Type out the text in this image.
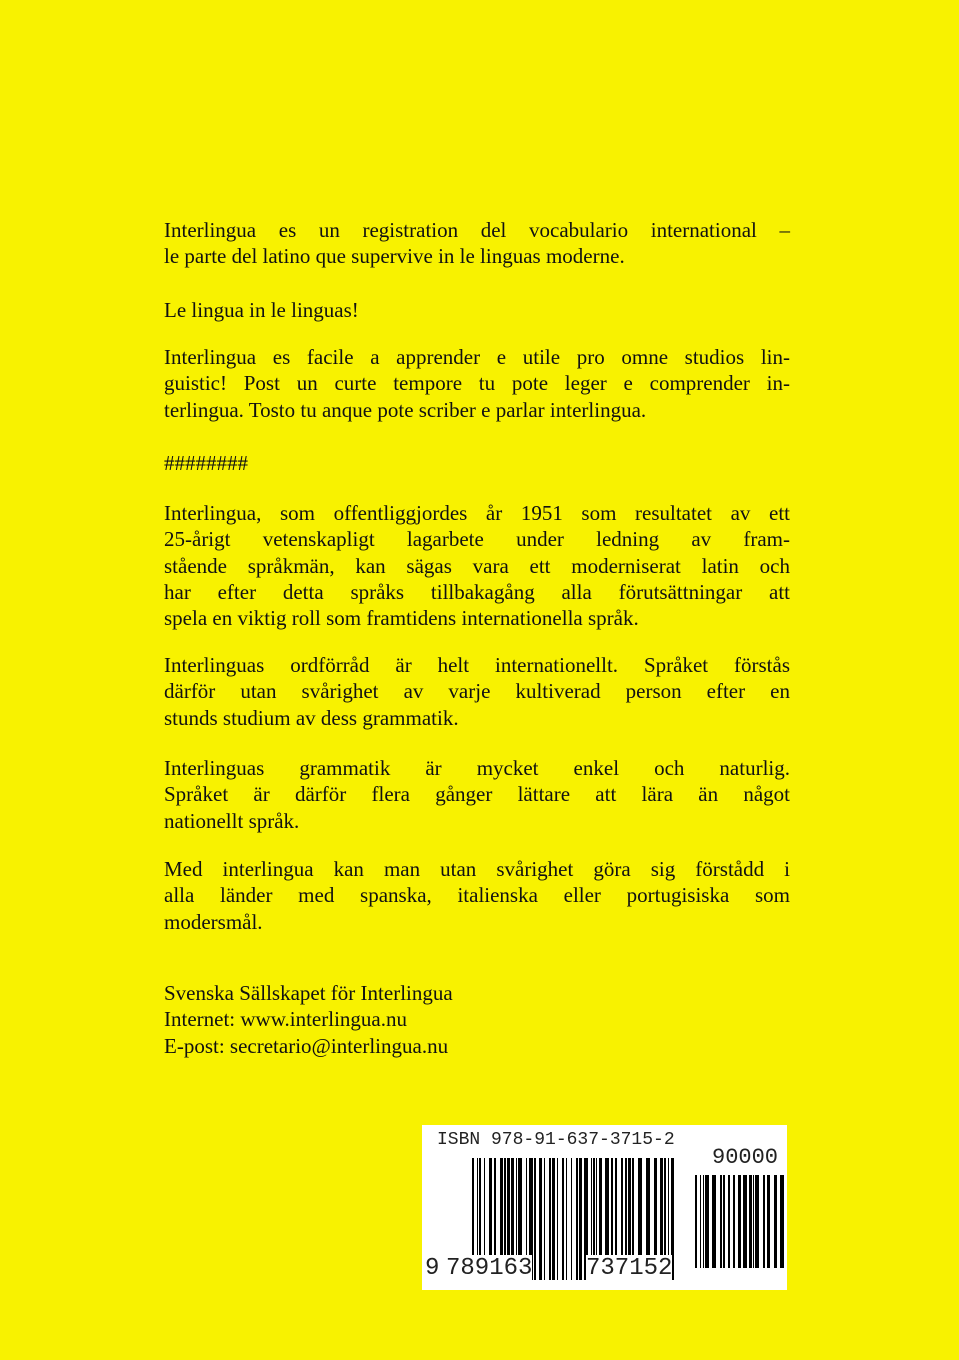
Interlingua es un registration del vocabulario international –
le parte del latino que supervive in le linguas moderne.
Le lingua in le linguas!
Interlingua es facile a apprender e utile pro omne studios lin-
guistic! Post un curte tempore tu pote leger e comprender in-
terlingua. Tosto tu anque pote scriber e parlar interlingua.
########
Interlingua, som offentliggjordes år 1951 som resultatet av ett
25-årigt vetenskapligt lagarbete under ledning av fram-
stående språkmän, kan sägas vara ett moderniserat latin och
har efter detta språks tillbakagång alla förutsättningar att
spela en viktig roll som framtidens internationella språk.
Interlinguas ordförråd är helt internationellt. Språket förstås
därför utan svårighet av varje kultiverad person efter en
stunds studium av dess grammatik.
Interlinguas grammatik är mycket enkel och naturlig.
Språket är därför flera gånger lättare att lära än något
nationellt språk.
Med interlingua kan man utan svårighet göra sig förstådd i
alla länder med spanska, italienska eller portugisiska som
modersmål.
Svenska Sällskapet för Interlingua
Internet: www.interlingua.nu
E-post: secretario@interlingua.nu
ISBN 978-91-637-3715-2
90000
9 789163 737152
